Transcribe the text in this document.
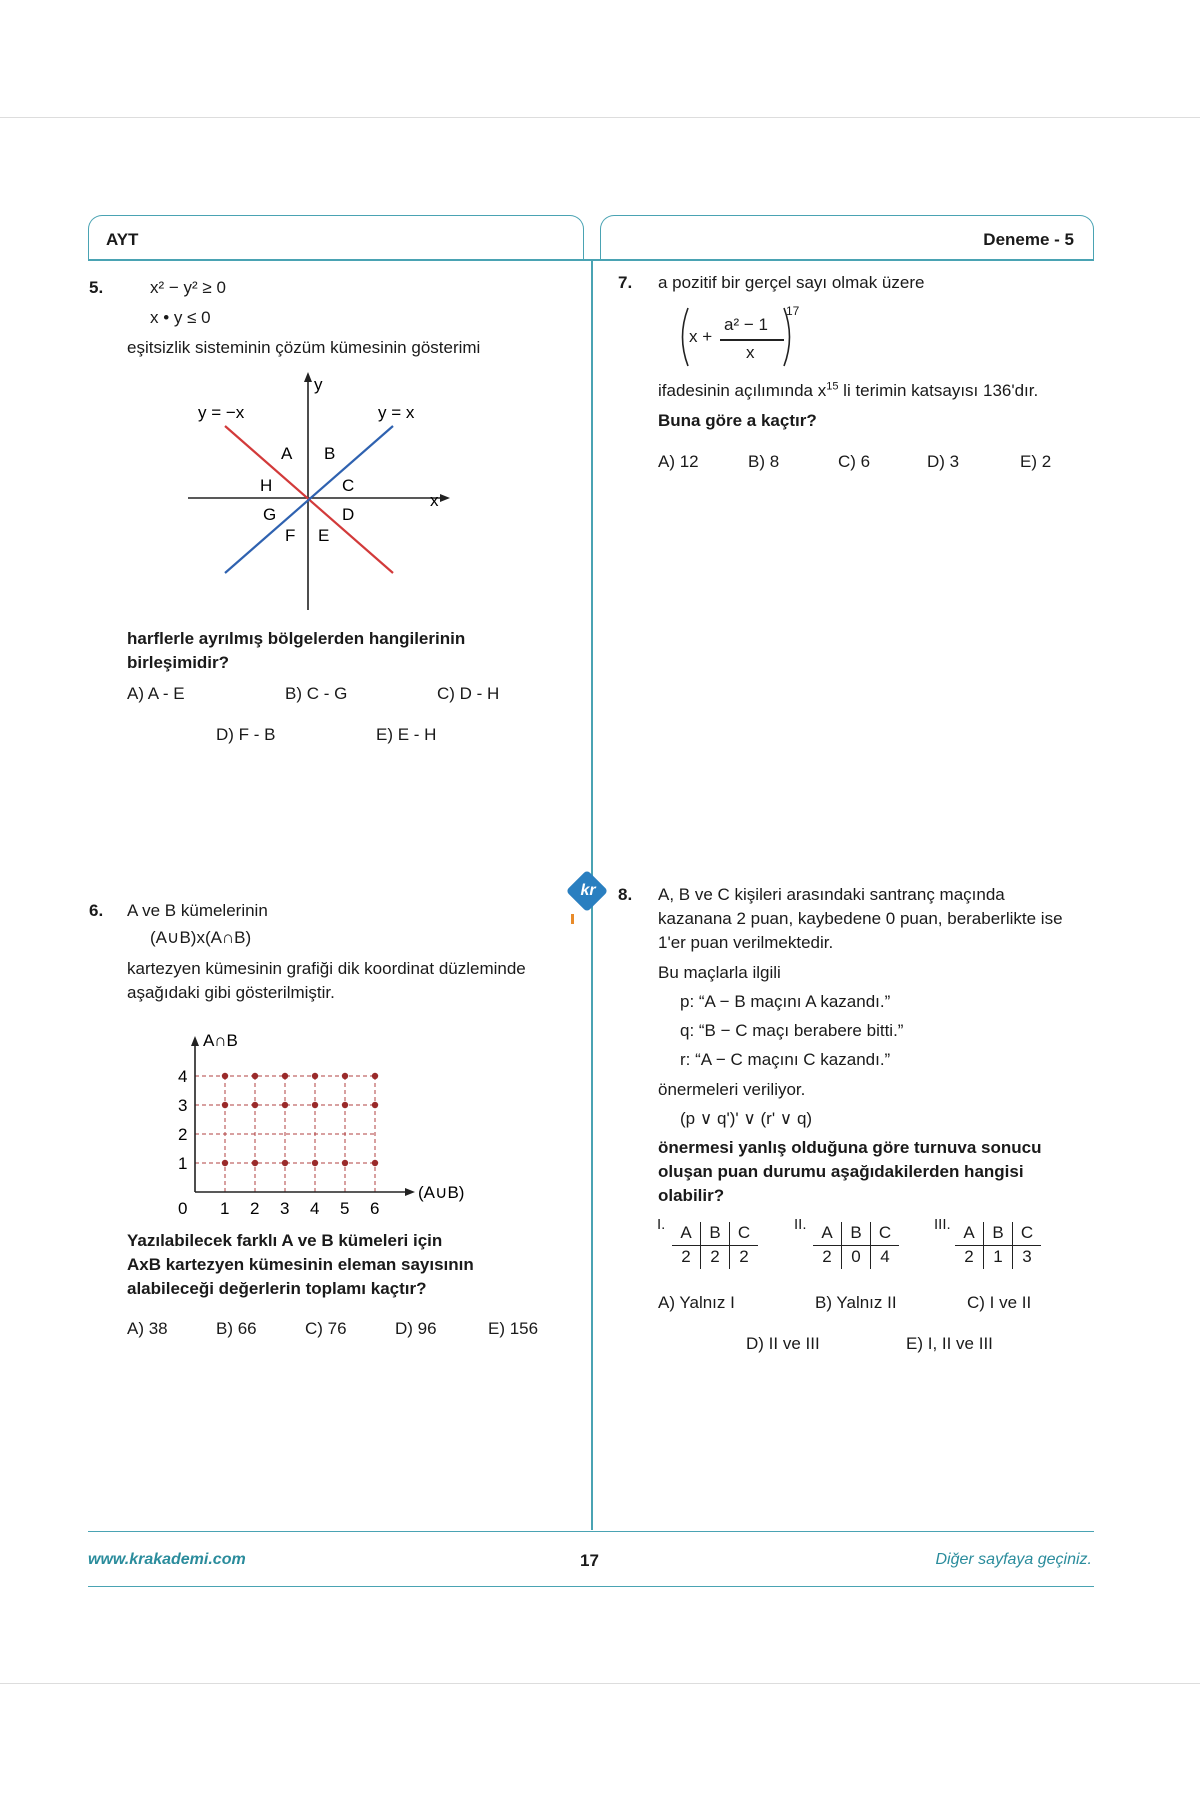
AYT	Deneme - 5
5.	x² − y² ≥ 0
x • y ≤ 0
eşitsizlik sisteminin çözüm kümesinin gösterimi
y
x
y = −x	y = x
A B
C
D
E
F
G
H
harflerle ayrılmış bölgelerden hangilerinin
birleşimidir?
A) A - E	B) C - G	C) D - H
D) F - B	E) E - H
6. A ve B kümelerinin
(A∪B)x(A∩B)
kartezyen kümesinin grafiği dik koordinat düzleminde
aşağıdaki gibi gösterilmiştir.
0 1 2 3 4 5 6
1
2
3
4
(A∪B)
A∩B
Yazılabilecek farklı A ve B kümeleri için
AxB kartezyen kümesinin eleman sayısının
alabileceği değerlerin toplamı kaçtır?
A) 38	B) 66	C) 76	D) 96	E) 156
7. a pozitif bir gerçel sayı olmak üzere
x +
a² − 1
x
17
ifadesinin açılımında $x^{15}$ li terimin katsayısı 136'dır.
Buna göre a kaçtır?
A) 12	B) 8	C) 6	D) 3	E) 2
kr 8. A, B ve C kişileri arasındaki santranç maçında
kazanana 2 puan, kaybedene 0 puan, beraberlikte ise
1'er puan verilmektedir.
Bu maçlarla ilgili
p: “A − B maçını A kazandı.”
q: “B − C maçı berabere bitti.”
r: “A − C maçını C kazandı.”
önermeleri veriliyor.
(p ∨ q')' ∨ (r' ∨ q)
önermesi yanlış olduğuna göre turnuva sonucu
oluşan puan durumu aşağıdakilerden hangisi
olabilir?
I. A	B	C
2	2	2
II. A	B	C
2	0	4
III. A	B	C
2	1	3
A) Yalnız I	B) Yalnız II	C) I ve II
D) II ve III	E) I, II ve III
www.krakademi.com	17	Diğer sayfaya geçiniz.
